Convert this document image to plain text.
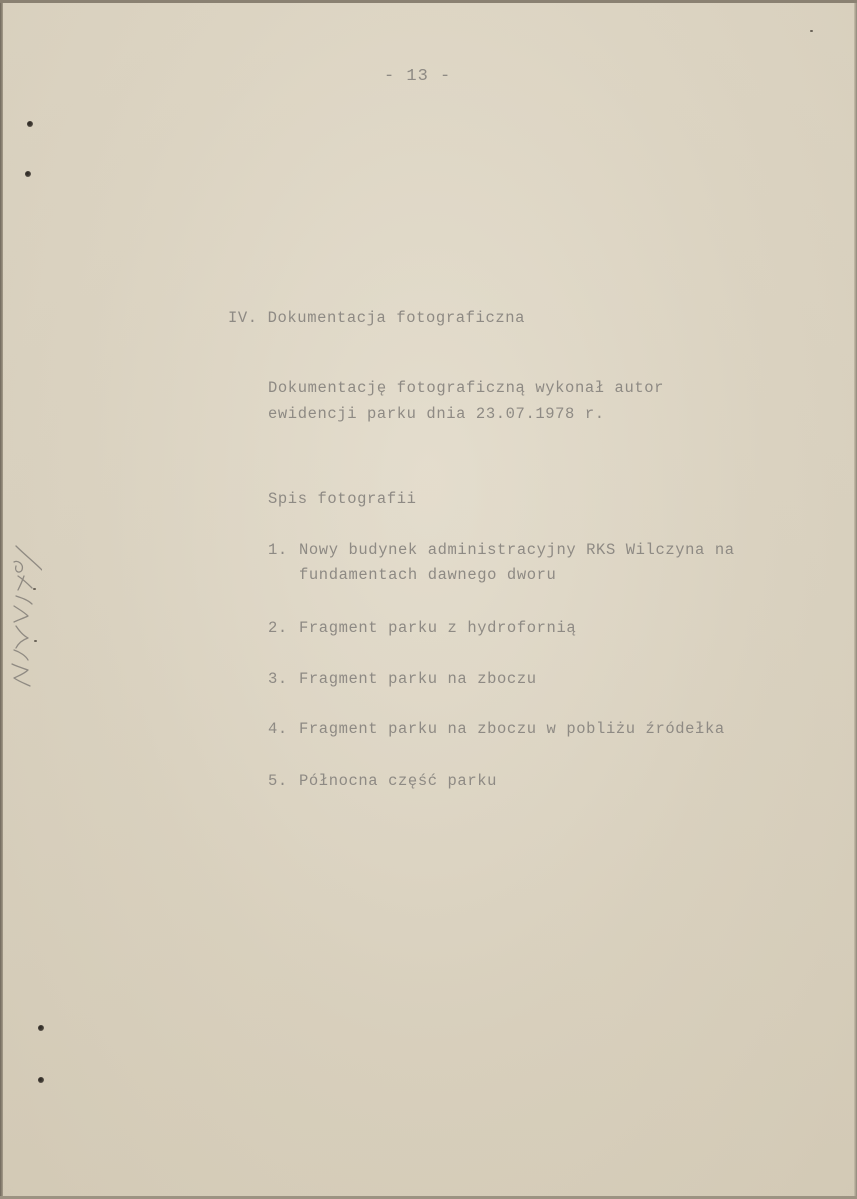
- 13 -
IV. Dokumentacja fotograficzna
Dokumentację fotograficzną wykonał autor
ewidencji parku dnia 23.07.1978 r.
Spis fotografii
1. Nowy budynek administracyjny RKS Wilczyna na
fundamentach dawnego dworu
2. Fragment parku z hydrofornią
3. Fragment parku na zboczu
4. Fragment parku na zboczu w pobliżu źródełka
5. Północna część parku
